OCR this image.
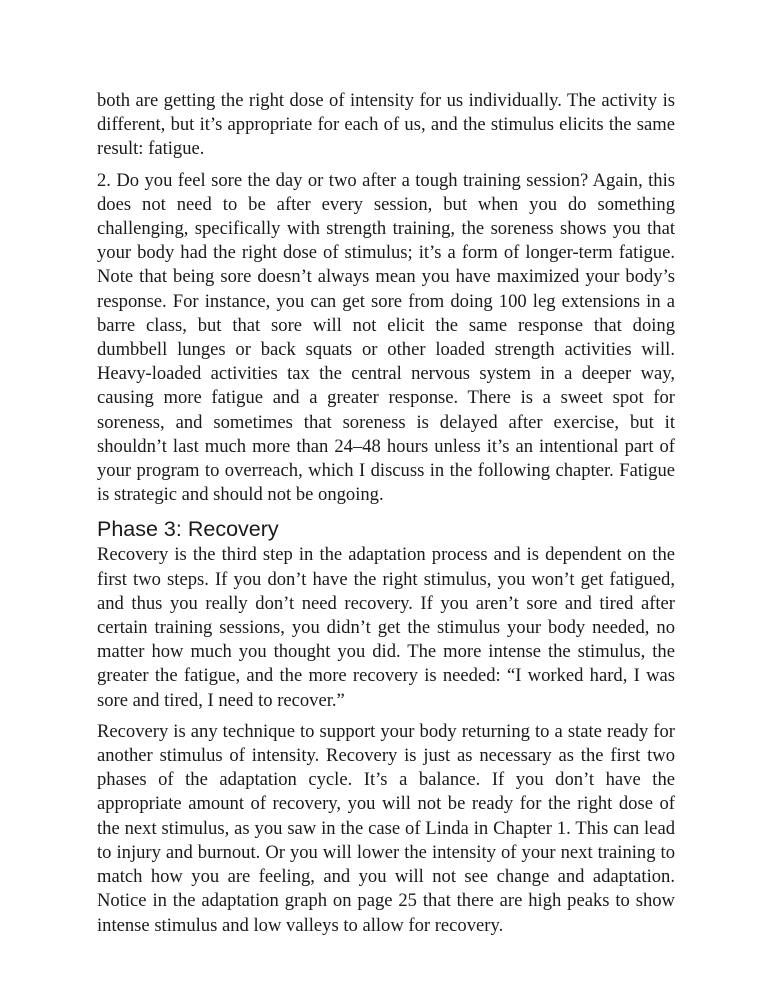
both are getting the right dose of intensity for us individually. The activity is different, but it’s appropriate for each of us, and the stimulus elicits the same result: fatigue.

2. Do you feel sore the day or two after a tough training session? Again, this does not need to be after every session, but when you do something challenging, specifically with strength training, the soreness shows you that your body had the right dose of stimulus; it’s a form of longer-term fatigue. Note that being sore doesn’t always mean you have maximized your body’s response. For instance, you can get sore from doing 100 leg extensions in a barre class, but that sore will not elicit the same response that doing dumbbell lunges or back squats or other loaded strength activities will. Heavy-loaded activities tax the central nervous system in a deeper way, causing more fatigue and a greater response. There is a sweet spot for soreness, and sometimes that soreness is delayed after exercise, but it shouldn’t last much more than 24–48 hours unless it’s an intentional part of your program to overreach, which I discuss in the following chapter. Fatigue is strategic and should not be ongoing.

Phase 3: Recovery

Recovery is the third step in the adaptation process and is dependent on the first two steps. If you don’t have the right stimulus, you won’t get fatigued, and thus you really don’t need recovery. If you aren’t sore and tired after certain training sessions, you didn’t get the stimulus your body needed, no matter how much you thought you did. The more intense the stimulus, the greater the fatigue, and the more recovery is needed: “I worked hard, I was sore and tired, I need to recover.”

Recovery is any technique to support your body returning to a state ready for another stimulus of intensity. Recovery is just as necessary as the first two phases of the adaptation cycle. It’s a balance. If you don’t have the appropriate amount of recovery, you will not be ready for the right dose of the next stimulus, as you saw in the case of Linda in Chapter 1. This can lead to injury and burnout. Or you will lower the intensity of your next training to match how you are feeling, and you will not see change and adaptation. Notice in the adaptation graph on page 25 that there are high peaks to show intense stimulus and low valleys to allow for recovery.
